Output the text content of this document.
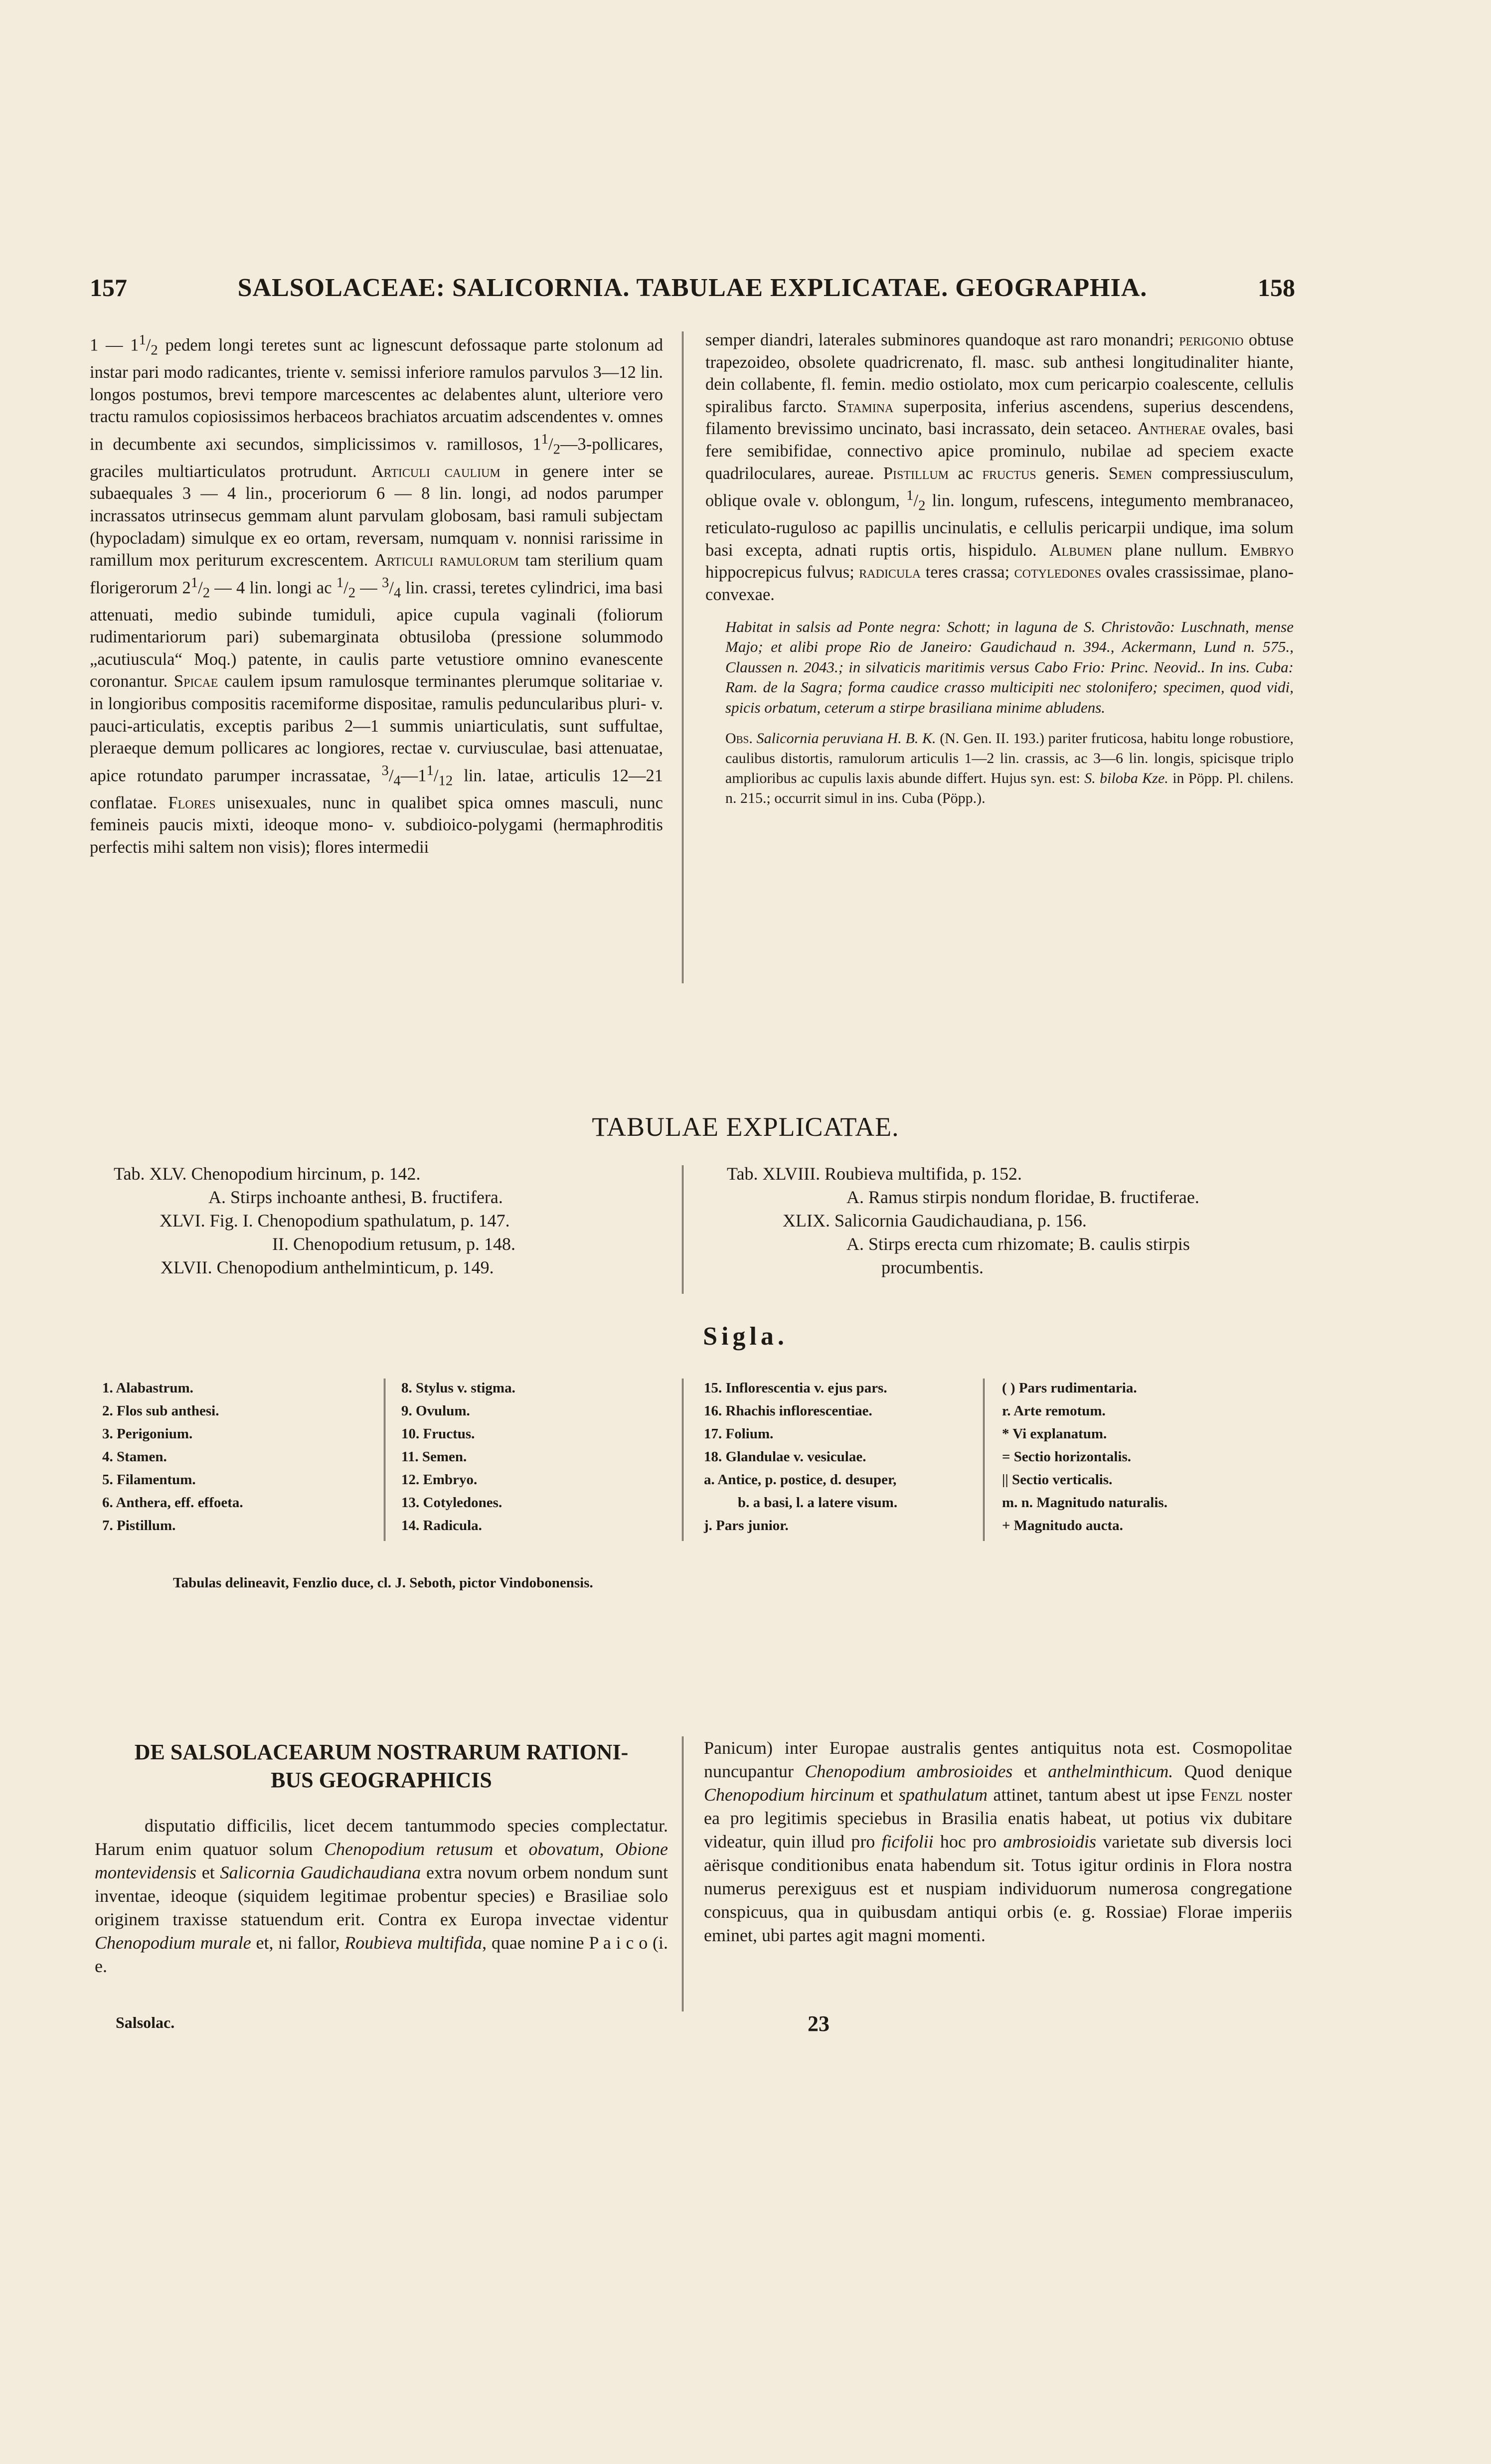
157	SALSOLACEAE: SALICORNIA. TABULAE EXPLICATAE. GEOGRAPHIA.	158

1 — $1^1/_2$ pedem longi teretes sunt ac lignescunt defossaque parte stolonum ad instar pari modo radicantes, triente v. semissi inferiore ramulos parvulos 3—12 lin. longos postumos, brevi tempore marcescentes ac delabentes alunt, ulteriore vero tractu ramulos copiosissimos herbaceos brachiatos arcuatim adscendentes v. omnes in decumbente axi secundos, simplicissimos v. ramillosos, $1^1/_2—3$-pollicares, graciles multiarticulatos protrudunt. Articuli caulium in genere inter se subaequales 3 — 4 lin., proceriorum 6 — 8 lin. longi, ad nodos parumper incrassatos utrinsecus gemmam alunt parvulam globosam, basi ramuli subjectam (hypocladam) simulque ex eo ortam, reversam, numquam v. nonnisi rarissime in ramillum mox periturum excrescentem. Articuli ramulorum tam sterilium quam florigerorum $2^1/_2$ — 4 lin. longi ac $^1/_2$ — $^3/_4$ lin. crassi, teretes cylindrici, ima basi attenuati, medio subinde tumiduli, apice cupula vaginali (foliorum rudimentariorum pari) subemarginata obtusiloba (pressione solummodo „acutiuscula“ Moq.) patente, in caulis parte vetustiore omnino evanescente coronantur. Spicae caulem ipsum ramulosque terminantes plerumque solitariae v. in longioribus compositis racemiforme dispositae, ramulis peduncularibus pluri- v. pauci-articulatis, exceptis paribus 2—1 summis uniarticulatis, sunt suffultae, pleraeque demum pollicares ac longiores, rectae v. curviusculae, basi attenuatae, apice rotundato parumper incrassatae, $^3/_4—1^1/_{12}$ lin. latae, articulis 12—21 conflatae. Flores unisexuales, nunc in qualibet spica omnes masculi, nunc femineis paucis mixti, ideoque mono- v. subdioico-polygami (hermaphroditis perfectis mihi saltem non visis); flores intermedii

semper diandri, laterales subminores quandoque ast raro monandri; perigonio obtuse trapezoideo, obsolete quadricrenato, fl. masc. sub anthesi longitudinaliter hiante, dein collabente, fl. femin. medio ostiolato, mox cum pericarpio coalescente, cellulis spiralibus farcto. Stamina superposita, inferius ascendens, superius descendens, filamento brevissimo uncinato, basi incrassato, dein setaceo. Antherae ovales, basi fere semibifidae, connectivo apice prominulo, nubilae ad speciem exacte quadriloculares, aureae. Pistillum ac fructus generis. Semen compressiusculum, oblique ovale v. oblongum, $^1/_2$ lin. longum, rufescens, integumento membranaceo, reticulato-ruguloso ac papillis uncinulatis, e cellulis pericarpii undique, ima solum basi excepta, adnati ruptis ortis, hispidulo. Albumen plane nullum. Embryo hippocrepicus fulvus; radicula teres crassa; cotyledones ovales crassissimae, plano-convexae.

Habitat in salsis ad Ponte negra: Schott; in laguna de S. Christovão: Luschnath, mense Majo; et alibi prope Rio de Janeiro: Gaudichaud n. 394., Ackermann, Lund n. 575., Claussen n. 2043.; in silvaticis maritimis versus Cabo Frio: Princ. Neovid.. In ins. Cuba: Ram. de la Sagra; forma caudice crasso multicipiti nec stolonifero; specimen, quod vidi, spicis orbatum, ceterum a stirpe brasiliana minime abludens.

Obs. Salicornia peruviana H. B. K. (N. Gen. II. 193.) pariter fruticosa, habitu longe robustiore, caulibus distortis, ramulorum articulis 1—2 lin. crassis, ac 3—6 lin. longis, spicisque triplo amplioribus ac cupulis laxis abunde differt. Hujus syn. est: S. biloba Kze. in Pöpp. Pl. chilens. n. 215.; occurrit simul in ins. Cuba (Pöpp.).

TABULAE EXPLICATAE.

Tab. XLV. Chenopodium hircinum, p. 142.

A. Stirps inchoante anthesi, B. fructifera.

XLVI. Fig. I. Chenopodium spathulatum, p. 147.

II. Chenopodium retusum, p. 148.

XLVII. Chenopodium anthelminticum, p. 149.

Tab. XLVIII. Roubieva multifida, p. 152.

A. Ramus stirpis nondum floridae, B. fructiferae.

XLIX. Salicornia Gaudichaudiana, p. 156.

A. Stirps erecta cum rhizomate; B. caulis stirpis

procumbentis.

Sigla.

1. Alabastrum.

2. Flos sub anthesi.

3. Perigonium.

4. Stamen.

5. Filamentum.

6. Anthera, eff. effoeta.

7. Pistillum.

8. Stylus v. stigma.

9. Ovulum.

10. Fructus.

11. Semen.

12. Embryo.

13. Cotyledones.

14. Radicula.

15. Inflorescentia v. ejus pars.

16. Rhachis inflorescentiae.

17. Folium.

18. Glandulae v. vesiculae.

a. Antice, p. postice, d. desuper,

b. a basi, l. a latere visum.

j. Pars junior.

( ) Pars rudimentaria.

r. Arte remotum.

* Vi explanatum.

= Sectio horizontalis.

|| Sectio verticalis.

m. n. Magnitudo naturalis.

+ Magnitudo aucta.

Tabulas delineavit, Fenzlio duce, cl. J. Seboth, pictor Vindobonensis.
DE SALSOLACEARUM NOSTRARUM RATIONI-
BUS GEOGRAPHICIS

disputatio difficilis, licet decem tantummodo species complectatur. Harum enim quatuor solum Chenopodium retusum et obovatum, Obione montevidensis et Salicornia Gaudichaudiana extra novum orbem nondum sunt inventae, ideoque (siquidem legitimae probentur species) e Brasiliae solo originem traxisse statuendum erit. Contra ex Europa invectae videntur Chenopodium murale et, ni fallor, Roubieva multifida, quae nomine P a i c o (i. e.

Panicum) inter Europae australis gentes antiquitus nota est. Cosmopolitae nuncupantur Chenopodium ambrosioides et anthelminthicum. Quod denique Chenopodium hircinum et spathulatum attinet, tantum abest ut ipse Fenzl noster ea pro legitimis speciebus in Brasilia enatis habeat, ut potius vix dubitare videatur, quin illud pro ficifolii hoc pro ambrosioidis varietate sub diversis loci aërisque conditionibus enata habendum sit. Totus igitur ordinis in Flora nostra numerus perexiguus est et nuspiam individuorum numerosa congregatione conspicuus, qua in quibusdam antiqui orbis (e. g. Rossiae) Florae imperiis eminet, ubi partes agit magni momenti.

Salsolac.	23
